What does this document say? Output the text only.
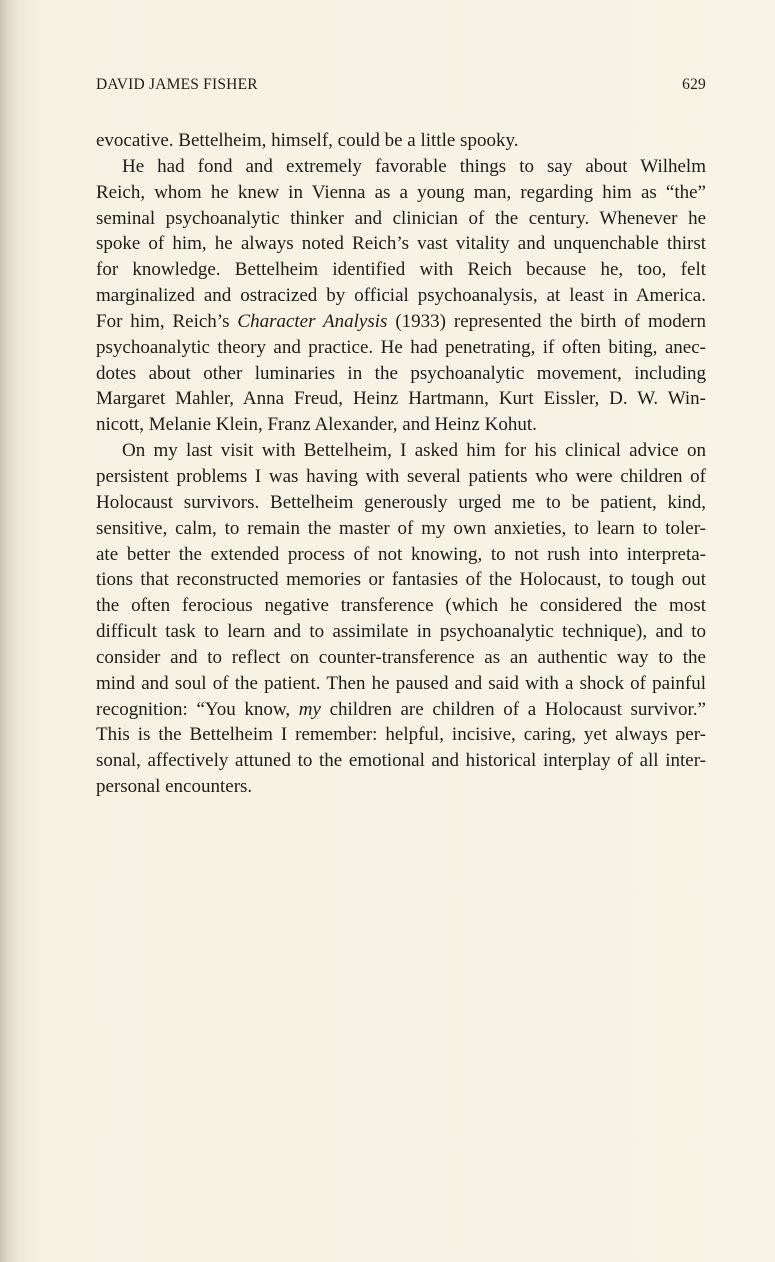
DAVID JAMES FISHER	629
evocative. Bettelheim, himself, could be a little spooky.
He had fond and extremely favorable things to say about Wilhelm
Reich, whom he knew in Vienna as a young man, regarding him as “the”
seminal psychoanalytic thinker and clinician of the century. Whenever he
spoke of him, he always noted Reich’s vast vitality and unquenchable thirst
for knowledge. Bettelheim identified with Reich because he, too, felt
marginalized and ostracized by official psychoanalysis, at least in America.
For him, Reich’s Character Analysis (1933) represented the birth of modern
psychoanalytic theory and practice. He had penetrating, if often biting, anec-
dotes about other luminaries in the psychoanalytic movement, including
Margaret Mahler, Anna Freud, Heinz Hartmann, Kurt Eissler, D. W. Win-
nicott, Melanie Klein, Franz Alexander, and Heinz Kohut.
On my last visit with Bettelheim, I asked him for his clinical advice on
persistent problems I was having with several patients who were children of
Holocaust survivors. Bettelheim generously urged me to be patient, kind,
sensitive, calm, to remain the master of my own anxieties, to learn to toler-
ate better the extended process of not knowing, to not rush into interpreta-
tions that reconstructed memories or fantasies of the Holocaust, to tough out
the often ferocious negative transference (which he considered the most
difficult task to learn and to assimilate in psychoanalytic technique), and to
consider and to reflect on counter-transference as an authentic way to the
mind and soul of the patient. Then he paused and said with a shock of painful
recognition: “You know, my children are children of a Holocaust survivor.”
This is the Bettelheim I remember: helpful, incisive, caring, yet always per-
sonal, affectively attuned to the emotional and historical interplay of all inter-
personal encounters.
